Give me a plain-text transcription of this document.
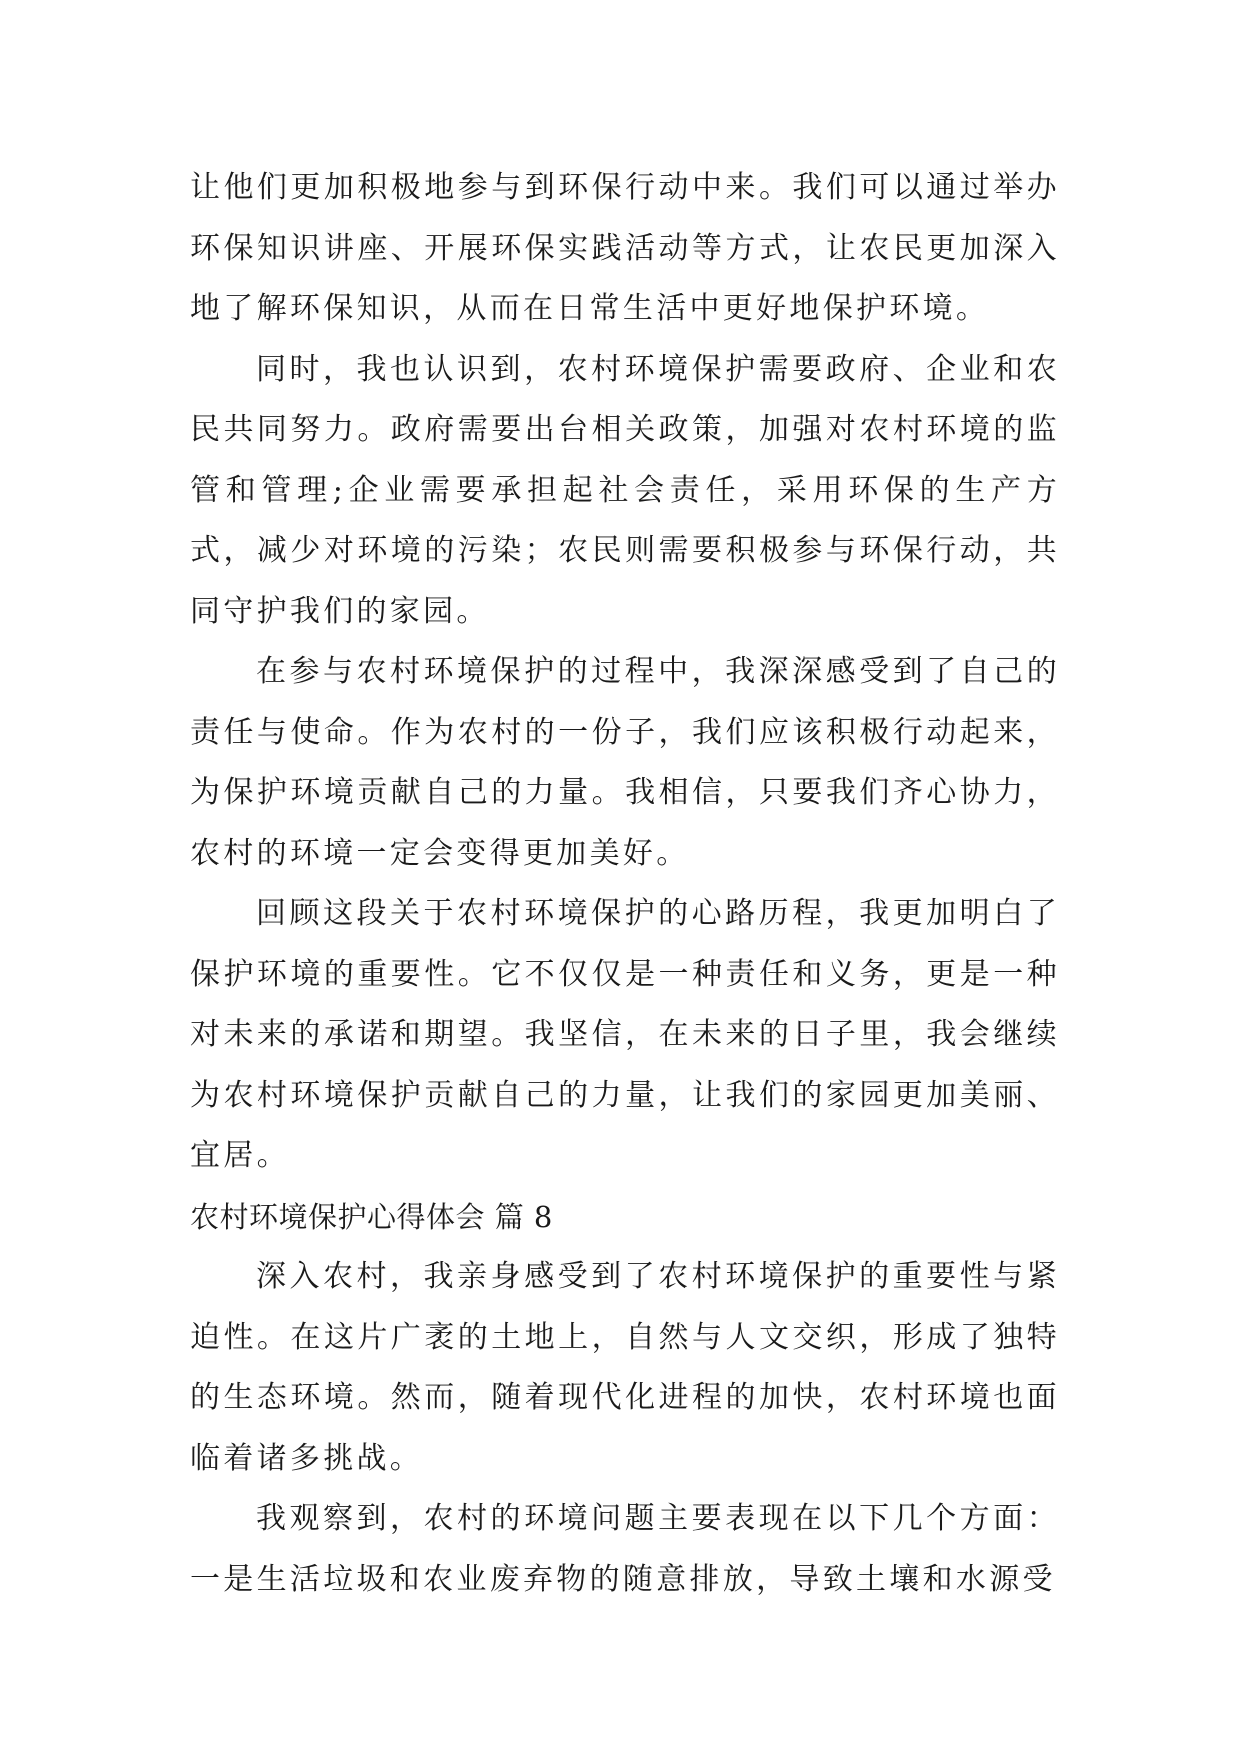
让他们更加积极地参与到环保行动中来。我们可以通过举办环保知识讲座、开展环保实践活动等方式，让农民更加深入地了解环保知识，从而在日常生活中更好地保护环境。

同时，我也认识到，农村环境保护需要政府、企业和农民共同努力。政府需要出台相关政策，加强对农村环境的监管和管理;企业需要承担起社会责任，采用环保的生产方式，减少对环境的污染；农民则需要积极参与环保行动，共同守护我们的家园。

在参与农村环境保护的过程中，我深深感受到了自己的责任与使命。作为农村的一份子，我们应该积极行动起来，为保护环境贡献自己的力量。我相信，只要我们齐心协力，农村的环境一定会变得更加美好。

回顾这段关于农村环境保护的心路历程，我更加明白了保护环境的重要性。它不仅仅是一种责任和义务，更是一种对未来的承诺和期望。我坚信，在未来的日子里，我会继续为农村环境保护贡献自己的力量，让我们的家园更加美丽、宜居。

农村环境保护心得体会 篇 8

深入农村，我亲身感受到了农村环境保护的重要性与紧迫性。在这片广袤的土地上，自然与人文交织，形成了独特的生态环境。然而，随着现代化进程的加快，农村环境也面临着诸多挑战。

我观察到，农村的环境问题主要表现在以下几个方面：一是生活垃圾和农业废弃物的随意排放，导致土壤和水源受
